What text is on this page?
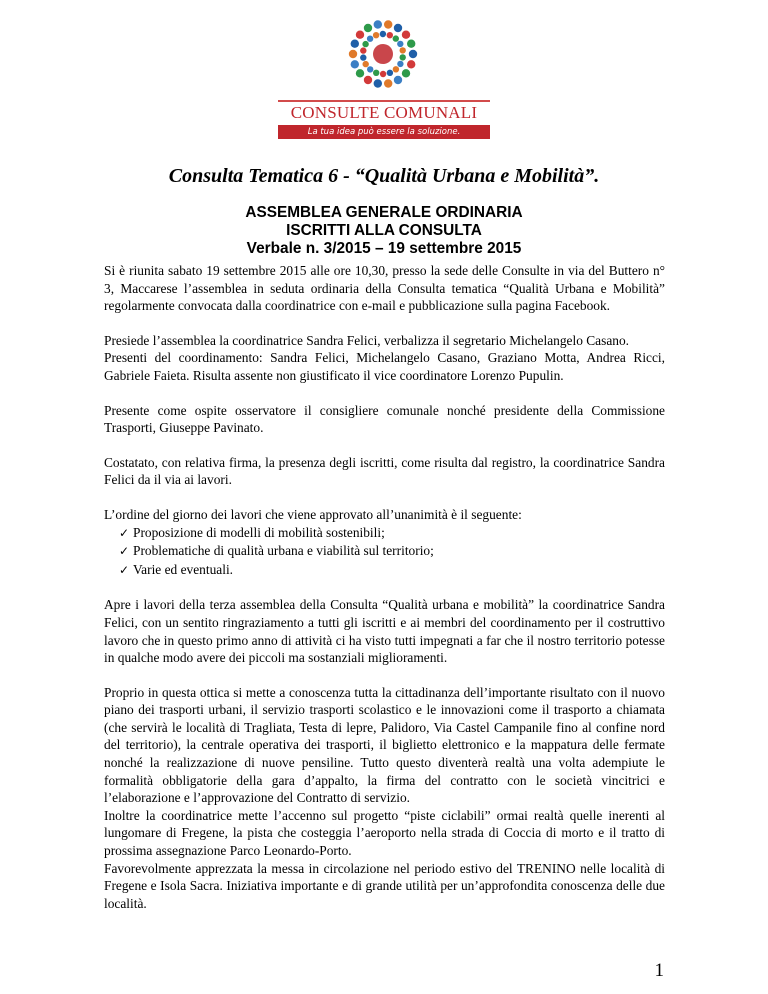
CONSULTE COMUNALI
La tua idea può essere la soluzione.
Consulta Tematica 6 - “Qualità Urbana e Mobilità”.
ASSEMBLEA GENERALE ORDINARIA
ISCRITTI ALLA CONSULTA
Verbale n. 3/2015 – 19 settembre 2015

Si è riunita sabato 19 settembre 2015 alle ore 10,30, presso la sede delle Consulte in via del Buttero n° 3, Maccarese l’assemblea in seduta ordinaria della Consulta tematica “Qualità Urbana e Mobilità” regolarmente convocata dalla coordinatrice con e-mail e pubblicazione sulla pagina Facebook.

Presiede l’assemblea la coordinatrice Sandra Felici, verbalizza il segretario Michelangelo Casano.

Presenti del coordinamento: Sandra Felici, Michelangelo Casano, Graziano Motta, Andrea Ricci, Gabriele Faieta. Risulta assente non giustificato il vice coordinatore Lorenzo Pupulin.

Presente come ospite osservatore il consigliere comunale nonché presidente della Commissione Trasporti, Giuseppe Pavinato.

Costatato, con relativa firma, la presenza degli iscritti, come risulta dal registro, la coordinatrice Sandra Felici da il via ai lavori.

L’ordine del giorno dei lavori che viene approvato all’unanimità è il seguente:

✓ Proposizione di modelli di mobilità sostenibili;
✓ Problematiche di qualità urbana e viabilità sul territorio;
✓ Varie ed eventuali.

Apre i lavori della terza assemblea della Consulta “Qualità urbana e mobilità” la coordinatrice Sandra Felici, con un sentito ringraziamento a tutti gli iscritti e ai membri del coordinamento per il costruttivo lavoro che in questo primo anno di attività ci ha visto tutti impegnati a far che il nostro territorio potesse in qualche modo avere dei piccoli ma sostanziali miglioramenti.

Proprio in questa ottica si mette a conoscenza tutta la cittadinanza dell’importante risultato con il nuovo piano dei trasporti urbani, il servizio trasporti scolastico e le innovazioni come il trasporto a chiamata (che servirà le località di Tragliata, Testa di lepre, Palidoro, Via Castel Campanile fino al confine nord del territorio), la centrale operativa dei trasporti, il biglietto elettronico e la mappatura delle fermate nonché la realizzazione di nuove pensiline. Tutto questo diventerà realtà una volta adempiute le formalità obbligatorie della gara d’appalto, la firma del contratto con le società vincitrici e l’elaborazione e l’approvazione del Contratto di servizio.

Inoltre la coordinatrice mette l’accenno sul progetto “piste ciclabili” ormai realtà quelle inerenti al lungomare di Fregene, la pista che costeggia l’aeroporto nella strada di Coccia di morto e il tratto di prossima assegnazione Parco Leonardo-Porto.

Favorevolmente apprezzata la messa in circolazione nel periodo estivo del TRENINO nelle località di Fregene e Isola Sacra. Iniziativa importante e di grande utilità per un’approfondita conoscenza delle due località.

1
